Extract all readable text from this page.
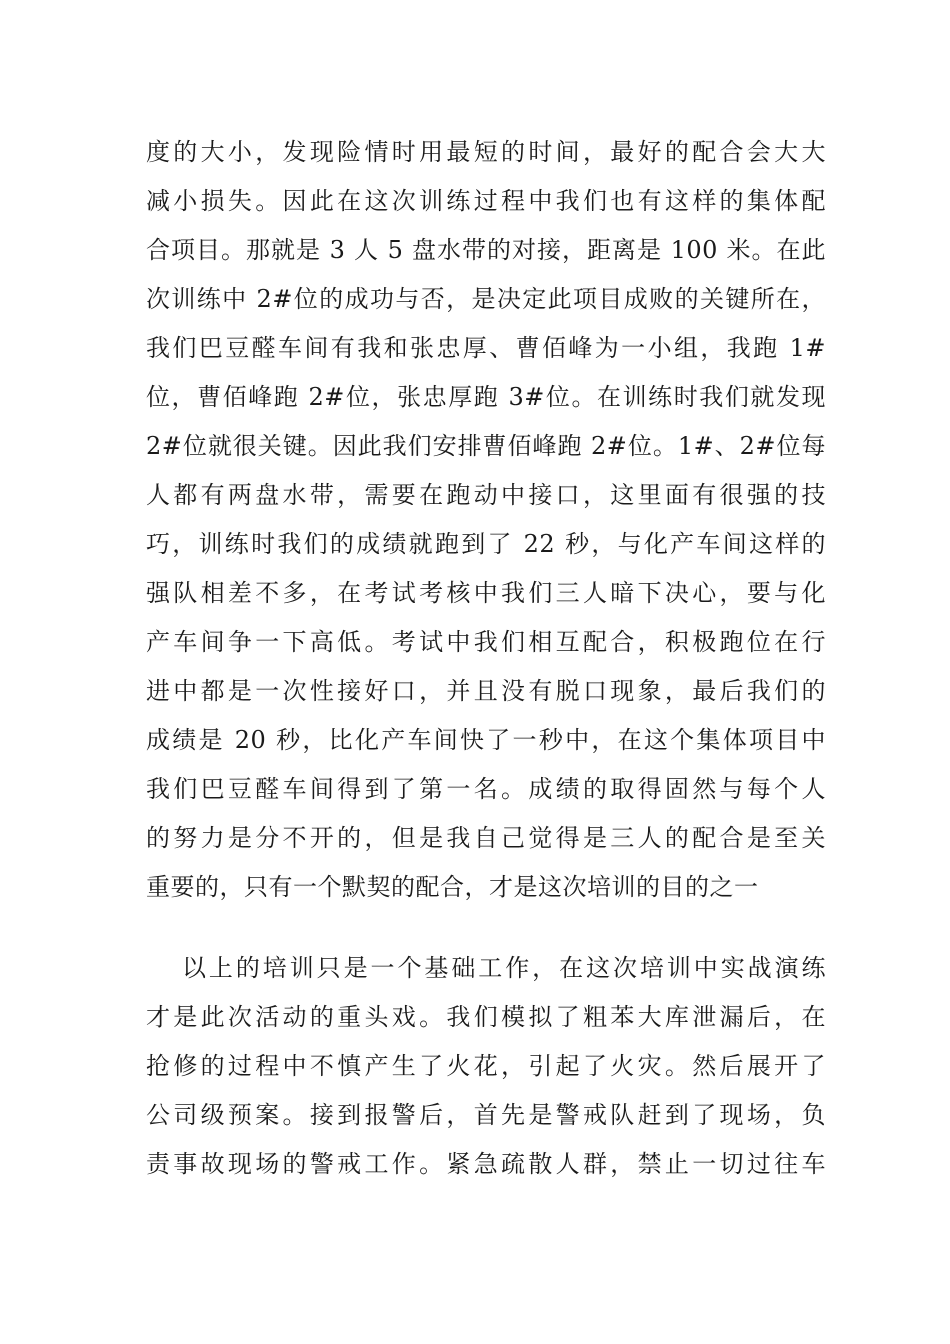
度的大小，发现险情时用最短的时间，最好的配合会大大
减小损失。因此在这次训练过程中我们也有这样的集体配
合项目。那就是 3 人 5 盘水带的对接，距离是 100 米。在此
次训练中 2#位的成功与否，是决定此项目成败的关键所在，
我们巴豆醛车间有我和张忠厚、曹佰峰为一小组，我跑 1#
位，曹佰峰跑 2#位，张忠厚跑 3#位。在训练时我们就发现
2#位就很关键。因此我们安排曹佰峰跑 2#位。1#、2#位每
人都有两盘水带，需要在跑动中接口，这里面有很强的技
巧，训练时我们的成绩就跑到了 22 秒，与化产车间这样的
强队相差不多，在考试考核中我们三人暗下决心，要与化
产车间争一下高低。考试中我们相互配合，积极跑位在行
进中都是一次性接好口，并且没有脱口现象，最后我们的
成绩是 20 秒，比化产车间快了一秒中，在这个集体项目中
我们巴豆醛车间得到了第一名。成绩的取得固然与每个人
的努力是分不开的，但是我自己觉得是三人的配合是至关
重要的，只有一个默契的配合，才是这次培训的目的之一
以上的培训只是一个基础工作，在这次培训中实战演练
才是此次活动的重头戏。我们模拟了粗苯大库泄漏后，在
抢修的过程中不慎产生了火花，引起了火灾。然后展开了
公司级预案。接到报警后，首先是警戒队赶到了现场，负
责事故现场的警戒工作。紧急疏散人群，禁止一切过往车
